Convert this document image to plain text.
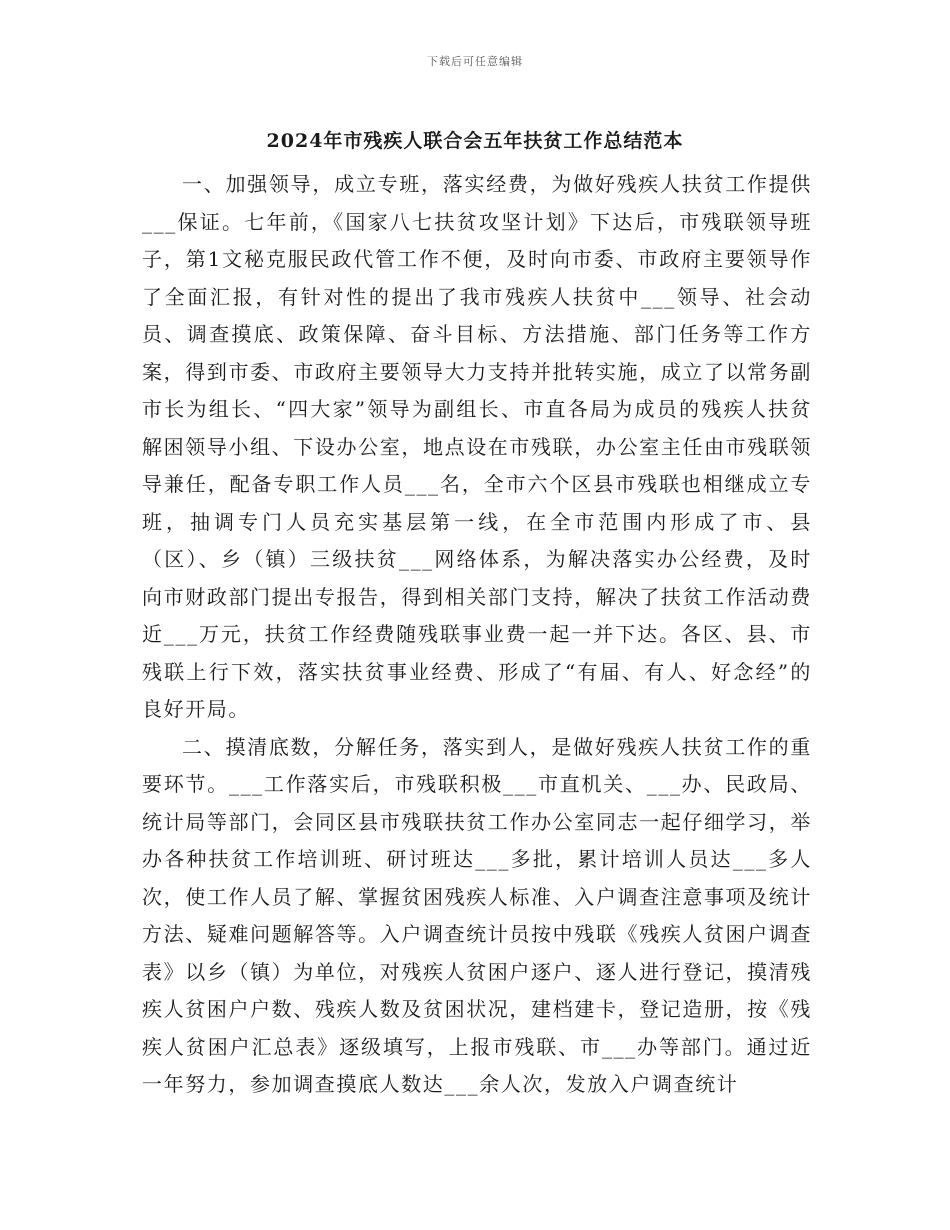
下载后可任意编辑
2024年市残疾人联合会五年扶贫工作总结范本

一、加强领导，成立专班，落实经费，为做好残疾人扶贫工作提供___保证。七年前，《国家八七扶贫攻坚计划》下达后，市残联领导班子，第1文秘克服民政代管工作不便，及时向市委、市政府主要领导作了全面汇报，有针对性的提出了我市残疾人扶贫中___领导、社会动员、调查摸底、政策保障、奋斗目标、方法措施、部门任务等工作方案，得到市委、市政府主要领导大力支持并批转实施，成立了以常务副市长为组长、“四大家”领导为副组长、市直各局为成员的残疾人扶贫解困领导小组、下设办公室，地点设在市残联，办公室主任由市残联领导兼任，配备专职工作人员___名，全市六个区县市残联也相继成立专班，抽调专门人员充实基层第一线，在全市范围内形成了市、县（区）、乡（镇）三级扶贫___网络体系，为解决落实办公经费，及时向市财政部门提出专报告，得到相关部门支持，解决了扶贫工作活动费近___万元，扶贫工作经费随残联事业费一起一并下达。各区、县、市残联上行下效，落实扶贫事业经费、形成了“有届、有人、好念经”的良好开局。

二、摸清底数，分解任务，落实到人，是做好残疾人扶贫工作的重要环节。___工作落实后，市残联积极___市直机关、___办、民政局、统计局等部门，会同区县市残联扶贫工作办公室同志一起仔细学习，举办各种扶贫工作培训班、研讨班达___多批，累计培训人员达___多人次，使工作人员了解、掌握贫困残疾人标准、入户调查注意事项及统计方法、疑难问题解答等。入户调查统计员按中残联《残疾人贫困户调查表》以乡（镇）为单位，对残疾人贫困户逐户、逐人进行登记，摸清残疾人贫困户户数、残疾人数及贫困状况，建档建卡，登记造册，按《残疾人贫困户汇总表》逐级填写，上报市残联、市___办等部门。通过近一年努力，参加调查摸底人数达___余人次，发放入户调查统计
